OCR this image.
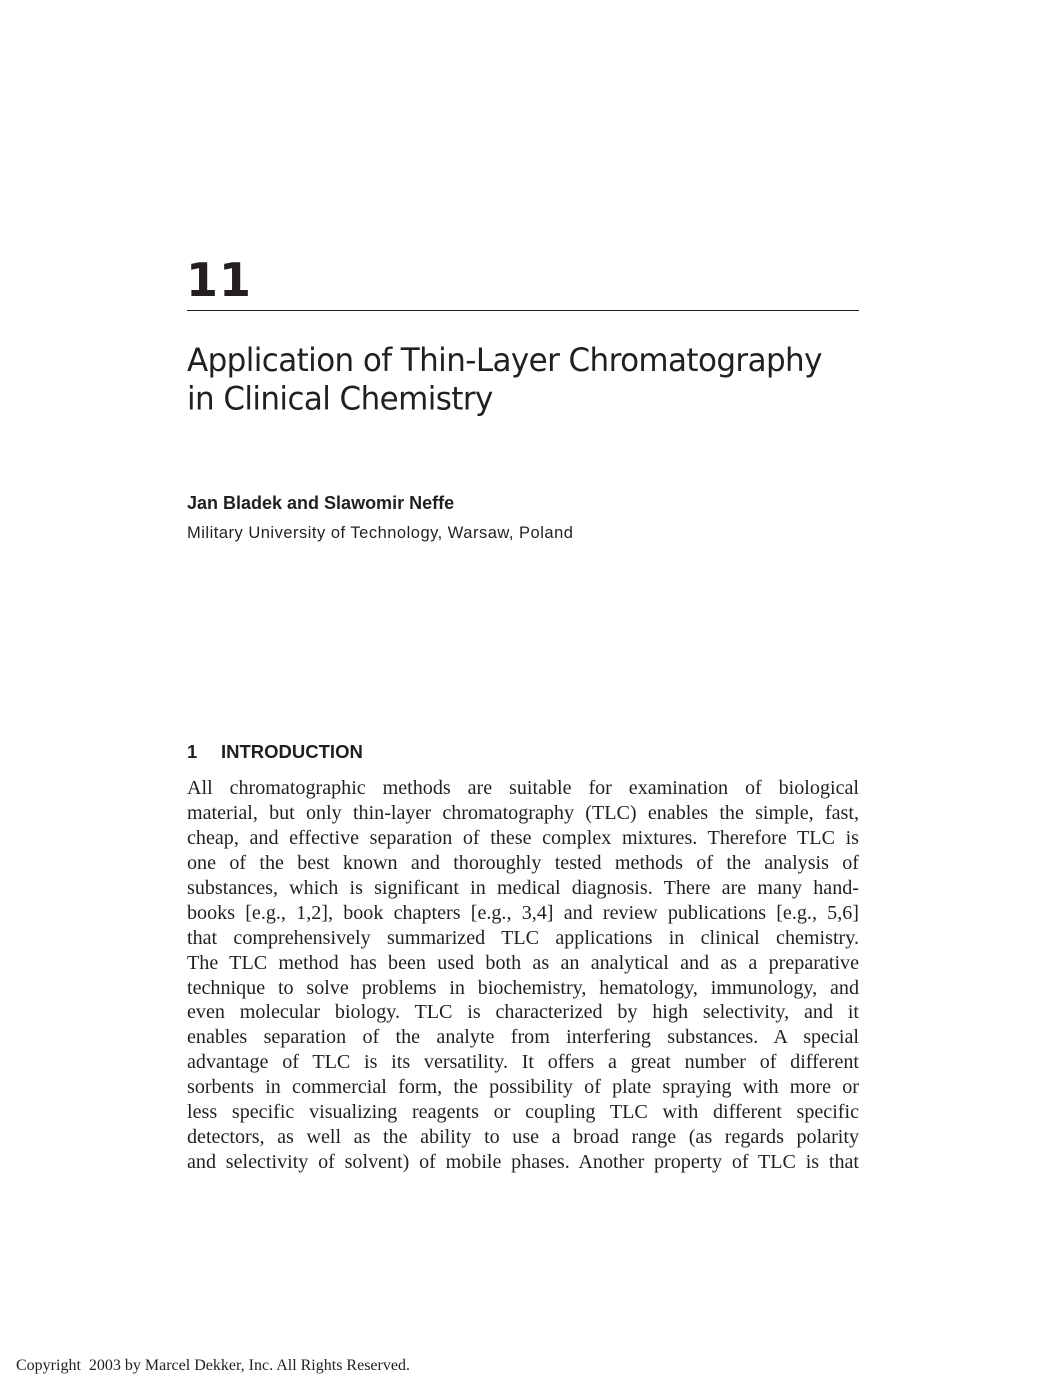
11
Application of Thin-Layer Chromatography
in Clinical Chemistry

Jan Bladek and Slawomir Neffe

Military University of Technology, Warsaw, Poland

1 INTRODUCTION
All chromatographic methods are suitable for examination of biological
material, but only thin-layer chromatography (TLC) enables the simple, fast,
cheap, and effective separation of these complex mixtures. Therefore TLC is
one of the best known and thoroughly tested methods of the analysis of
substances, which is significant in medical diagnosis. There are many hand-
books [e.g., 1,2], book chapters [e.g., 3,4] and review publications [e.g., 5,6]
that comprehensively summarized TLC applications in clinical chemistry.
The TLC method has been used both as an analytical and as a preparative
technique to solve problems in biochemistry, hematology, immunology, and
even molecular biology. TLC is characterized by high selectivity, and it
enables separation of the analyte from interfering substances. A special
advantage of TLC is its versatility. It offers a great number of different
sorbents in commercial form, the possibility of plate spraying with more or
less specific visualizing reagents or coupling TLC with different specific
detectors, as well as the ability to use a broad range (as regards polarity
and selectivity of solvent) of mobile phases. Another property of TLC is that

Copyright  2003 by Marcel Dekker, Inc. All Rights Reserved.
